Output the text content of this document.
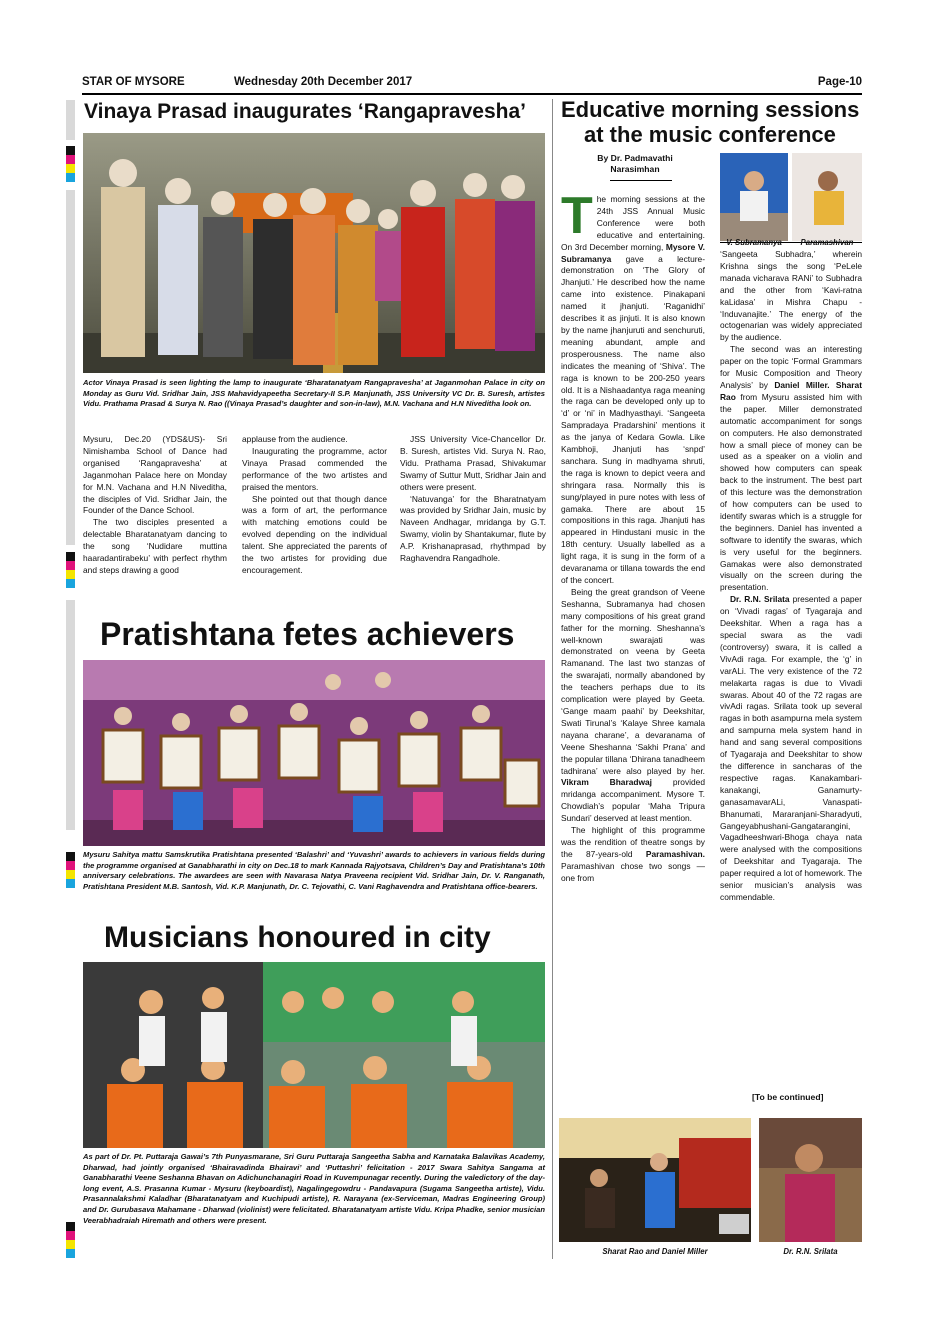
STAR OF MYSORE	Wednesday 20th December 2017	Page-10
Vinaya Prasad inaugurates ‘Rangapravesha’
Actor Vinaya Prasad is seen lighting the lamp to inaugurate ‘Bharatanatyam Rangapravesha’ at Jaganmohan Palace in city on Monday as Guru Vid. Sridhar Jain, JSS Mahavidyapeetha Secretary-II S.P. Manjunath, JSS University VC Dr. B. Suresh, artistes Vidu. Prathama Prasad & Surya N. Rao ((Vinaya Prasad’s daughter and son-in-law), M.N. Vachana and H.N Niveditha look on.

Mysuru, Dec.20 (YDS&US)- Sri Nimishamba School of Dance had organised ‘Rangapravesha’ at Jaganmohan Palace here on Monday for M.N. Vachana and H.N Niveditha, the disciples of Vid. Sridhar Jain, the Founder of the Dance School.

The two disciples presented a delectable Bharatanatyam dancing to the song ‘Nudidare muttina haaradantirabeku’ with perfect rhythm and steps drawing a good

applause from the audience.

Inaugurating the programme, actor Vinaya Prasad commended the performance of the two artistes and praised the mentors.

She pointed out that though dance was a form of art, the performance with matching emotions could be evolved depending on the individual talent. She appreciated the parents of the two artistes for providing due encouragement.

JSS University Vice-Chancellor Dr. B. Suresh, artistes Vid. Surya N. Rao, Vidu. Prathama Prasad, Shivakumar Swamy of Suttur Mutt, Sridhar Jain and others were present.

‘Natuvanga’ for the Bharatnatyam was provided by Sridhar Jain, music by Naveen Andhagar, mridanga by G.T. Swamy, violin by Shantakumar, flute by A.P. Krishanaprasad, rhythmpad by Raghavendra Rangadhole.

Pratishtana fetes achievers
Mysuru Sahitya mattu Samskrutika Pratishtana presented ‘Balashri’ and ‘Yuvashri’ awards to achievers in various fields during the programme organised at Ganabharathi in city on Dec.18 to mark Kannada Rajyotsava, Children’s Day and Pratishtana’s 10th anniversary celebrations. The awardees are seen with Navarasa Natya Praveena recipient Vid. Sridhar Jain, Dr. V. Ranganath, Pratishtana President M.B. Santosh, Vid. K.P. Manjunath, Dr. C. Tejovathi, C. Vani Raghavendra and Pratishtana office-bearers.
Musicians honoured in city
As part of Dr. Pt. Puttaraja Gawai’s 7th Punyasmarane, Sri Guru Puttaraja Sangeetha Sabha and Karnataka Balavikas Academy, Dharwad, had jointly organised ‘Bhairavadinda Bhairavi’ and ‘Puttashri’ felicitation - 2017 Swara Sahitya Sangama at Ganabharathi Veene Seshanna Bhavan on Adichunchanagiri Road in Kuvempunagar recently. During the valedictory of the day-long event, A.S. Prasanna Kumar - Mysuru (keyboardist), Nagalingegowdru - Pandavapura (Sugama Sangeetha artiste), Vidu. Prasannalakshmi Kaladhar (Bharatanatyam and Kuchipudi artiste), R. Narayana (ex-Serviceman, Madras Engineering Group) and Dr. Gurubasava Mahamane - Dharwad (violinist) were felicitated. Bharatanatyam artiste Vidu. Kripa Phadke, senior musician Veerabhadraiah Hiremath and others were present.
Educative morning sessions
at the music conference
By Dr. Padmavathi
Narasimhan
V. Subramanya	Paramashivan

The morning sessions at the 24th JSS Annual Music Conference were both educative and entertaining. On 3rd December morning, Mysore V. Subramanya gave a lecture-demonstration on ‘The Glory of Jhanjuti.’ He described how the name came into existence. Pinakapani named it jhanjuti. ‘Raganidhi’ describes it as jinjuti. It is also known by the name jhanjuruti and senchuruti, meaning abundant, ample and prosperousness. The name also indicates the meaning of ‘Shiva’. The raga is known to be 200-250 years old. It is a Nishaadantya raga meaning the raga can be developed only up to ‘d’ or ‘ni’ in Madhyasthayi. ‘Sangeeta Sampradaya Pradarshini’ mentions it as the janya of Kedara Gowla. Like Kambhoji, Jhanjuti has ‘snpd’ sanchara. Sung in madhyama shruti, the raga is known to depict veera and shringara rasa. Normally this is sung/played in pure notes with less of gamaka. There are about 15 compositions in this raga. Jhanjuti has appeared in Hindustani music in the 18th century. Usually labelled as a light raga, it is sung in the form of a devaranama or tillana towards the end of the concert.

Being the great grandson of Veene Seshanna, Subramanya had chosen many compositions of his great grand father for the morning. Sheshanna’s well-known swarajati was demonstrated on veena by Geeta Ramanand. The last two stanzas of the swarajati, normally abandoned by the teachers perhaps due to its complication were played by Geeta. ‘Gange maam paahi’ by Deekshitar, Swati Tirunal’s ‘Kalaye Shree kamala nayana charane’, a devaranama of Veene Sheshanna ‘Sakhi Prana’ and the popular tillana ‘Dhirana tanadheem tadhirana’ were also played by her. Vikram Bharadwaj provided mridanga accompaniment. Mysore T. Chowdiah’s popular ‘Maha Tripura Sundari’ deserved at least mention.

The highlight of this programme was the rendition of theatre songs by the 87-years-old Paramashivan. Paramashivan chose two songs — one from

‘Sangeeta Subhadra,’ wherein Krishna sings the song ‘PeLele manada vicharava RANi’ to Subhadra and the other from ‘Kavi-ratna kaLidasa’ in Mishra Chapu - ‘Induvanajite.’ The energy of the octogenarian was widely appreciated by the audience.

The second was an interesting paper on the topic ‘Formal Grammars for Music Composition and Theory Analysis’ by Daniel Miller. Sharat Rao from Mysuru assisted him with the paper. Miller demonstrated automatic accompaniment for songs on computers. He also demonstrated how a small piece of money can be used as a speaker on a violin and showed how computers can speak back to the instrument. The best part of this lecture was the demonstration of how computers can be used to identify swaras which is a struggle for the beginners. Daniel has invented a software to identify the swaras, which is very useful for the beginners. Gamakas were also demonstrated visually on the screen during the presentation.

Dr. R.N. Srilata presented a paper on ‘Vivadi ragas’ of Tyagaraja and Deekshitar. When a raga has a special swara as the vadi (controversy) swara, it is called a VivAdi raga. For example, the ‘g’ in varALi. The very existence of the 72 melakarta ragas is due to Vivadi swaras. About 40 of the 72 ragas are vivAdi ragas. Srilata took up several ragas in both asampurna mela system and sampurna mela system hand in hand and sang several compositions of Tyagaraja and Deekshitar to show the difference in sancharas of the respective ragas. Kanakambari-kanakangi, Ganamurty-ganasamavarALi, Vanaspati-Bhanumati, Mararanjani-Sharadyuti, Gangeyabhushani-Gangatarangini, Vagadheeshwari-Bhoga chaya nata were analysed with the compositions of Deekshitar and Tyagaraja. The paper required a lot of homework. The senior musician’s analysis was commendable.

[To be continued]
Sharat Rao and Daniel Miller	Dr. R.N. Srilata
